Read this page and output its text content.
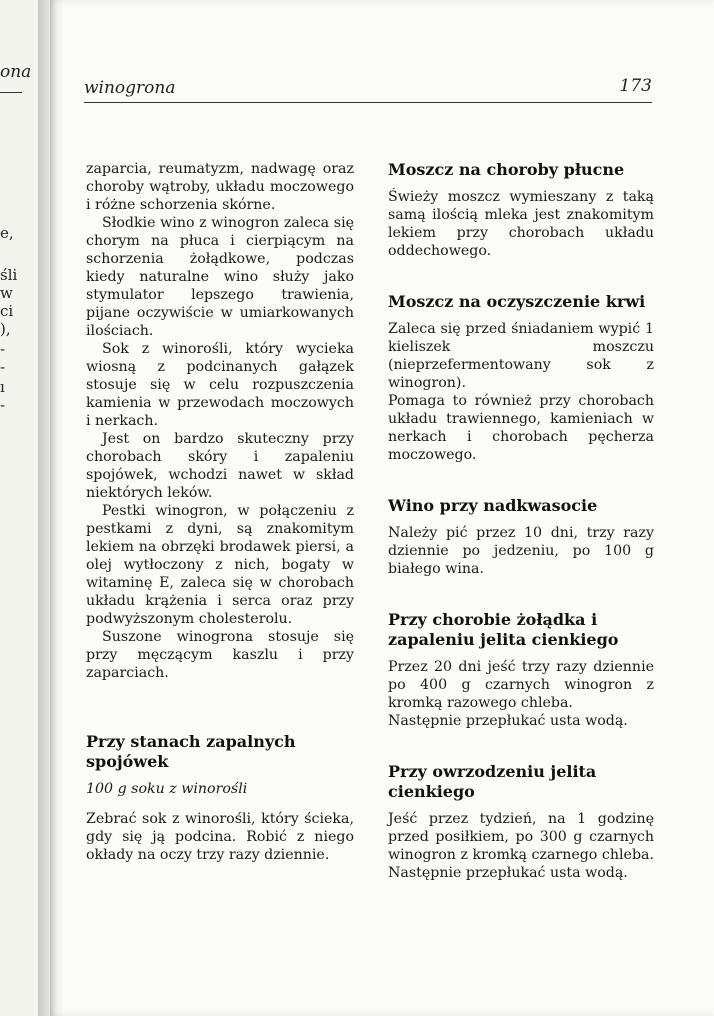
ona
e,
śli
w
ci
),
-
-
ı
-
winogrona	173

zaparcia, reumatyzm, nadwagę oraz choroby wątroby, układu moczowego i różne schorzenia skórne.

Słodkie wino z winogron zaleca się chorym na płuca i cierpiącym na schorzenia żołądkowe, podczas kiedy naturalne wino służy jako stymulator lepszego trawienia, pijane oczywiście w umiarkowanych ilościach.

Sok z winorośli, który wycieka wiosną z podcinanych gałązek stosuje się w celu rozpuszczenia kamienia w przewodach moczowych i nerkach.

Jest on bardzo skuteczny przy chorobach skóry i zapaleniu spojówek, wchodzi nawet w skład niektórych leków.

Pestki winogron, w połączeniu z pestkami z dyni, są znakomitym lekiem na obrzęki brodawek piersi, a olej wytłoczony z nich, bogaty w witaminę E, zaleca się w chorobach układu krążenia i serca oraz przy podwyższonym cholesterolu.

Suszone winogrona stosuje się przy męczącym kaszlu i przy zaparciach.

Przy stanach zapalnych spojówek

100 g soku z winorośli

Zebrać sok z winorośli, który ścieka, gdy się ją podcina. Robić z niego okłady na oczy trzy razy dziennie.

Moszcz na choroby płucne

Świeży moszcz wymieszany z taką samą ilością mleka jest znakomitym lekiem przy chorobach układu oddechowego.

Moszcz na oczyszczenie krwi

Zaleca się przed śniadaniem wypić 1 kieliszek moszczu (nieprzefermentowany sok z winogron).

Pomaga to również przy chorobach układu trawiennego, kamieniach w nerkach i chorobach pęcherza moczowego.

Wino przy nadkwasocie

Należy pić przez 10 dni, trzy razy dziennie po jedzeniu, po 100 g białego wina.

Przy chorobie żołądka i zapaleniu jelita cienkiego

Przez 20 dni jeść trzy razy dziennie po 400 g czarnych winogron z kromką razowego chleba.

Następnie przepłukać usta wodą.

Przy owrzodzeniu jelita cienkiego

Jeść przez tydzień, na 1 godzinę przed posiłkiem, po 300 g czarnych winogron z kromką czarnego chleba. Następnie przepłukać usta wodą.
